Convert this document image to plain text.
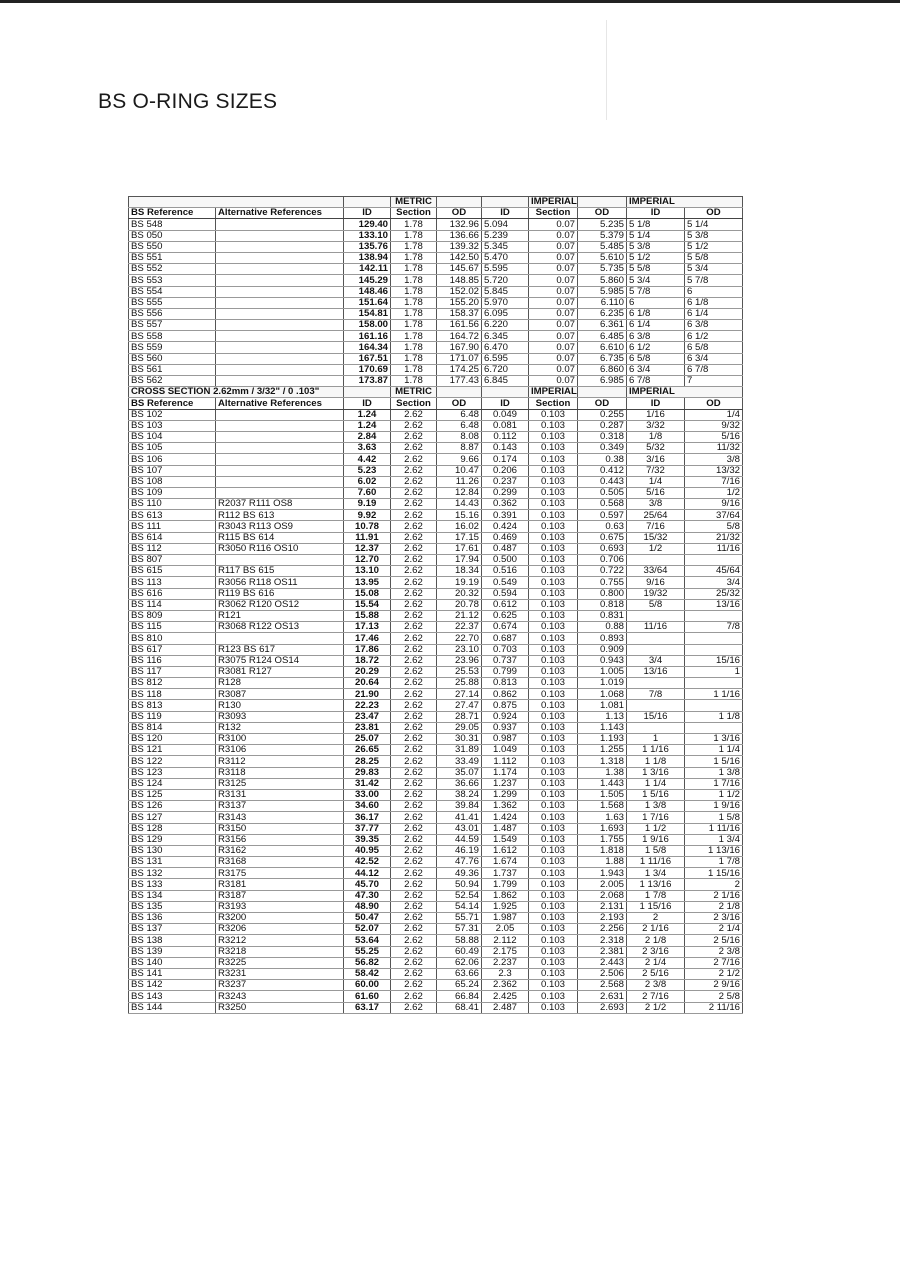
BS O-RING SIZES
			METRIC			IMPERIAL		IMPERIAL	
BS Reference	Alternative References	ID	Section	OD	ID	Section	OD	ID	OD
BS 548		129.40	1.78	132.96	5.094	0.07	5.235	5 1/8	5 1/4
BS 050		133.10	1.78	136.66	5.239	0.07	5.379	5 1/4	5 3/8
BS 550		135.76	1.78	139.32	5.345	0.07	5.485	5 3/8	5 1/2
BS 551		138.94	1.78	142.50	5.470	0.07	5.610	5 1/2	5 5/8
BS 552		142.11	1.78	145.67	5.595	0.07	5.735	5 5/8	5 3/4
BS 553		145.29	1.78	148.85	5.720	0.07	5.860	5 3/4	5 7/8
BS 554		148.46	1.78	152.02	5.845	0.07	5.985	5 7/8	6
BS 555		151.64	1.78	155.20	5.970	0.07	6.110	6	6 1/8
BS 556		154.81	1.78	158.37	6.095	0.07	6.235	6 1/8	6 1/4
BS 557		158.00	1.78	161.56	6.220	0.07	6.361	6 1/4	6 3/8
BS 558		161.16	1.78	164.72	6.345	0.07	6.485	6 3/8	6 1/2
BS 559		164.34	1.78	167.90	6.470	0.07	6.610	6 1/2	6 5/8
BS 560		167.51	1.78	171.07	6.595	0.07	6.735	6 5/8	6 3/4
BS 561		170.69	1.78	174.25	6.720	0.07	6.860	6 3/4	6 7/8
BS 562		173.87	1.78	177.43	6.845	0.07	6.985	6 7/8	7
CROSS SECTION 2.62mm / 3/32" / 0 .103"			METRIC			IMPERIAL		IMPERIAL	
BS Reference	Alternative References	ID	Section	OD	ID	Section	OD	ID	OD
BS 102		1.24	2.62	6.48	0.049	0.103	0.255	1/16	1/4
BS 103		1.24	2.62	6.48	0.081	0.103	0.287	3/32	9/32
BS 104		2.84	2.62	8.08	0.112	0.103	0.318	1/8	5/16
BS 105		3.63	2.62	8.87	0.143	0.103	0.349	5/32	11/32
BS 106		4.42	2.62	9.66	0.174	0.103	0.38	3/16	3/8
BS 107		5.23	2.62	10.47	0.206	0.103	0.412	7/32	13/32
BS 108		6.02	2.62	11.26	0.237	0.103	0.443	1/4	7/16
BS 109		7.60	2.62	12.84	0.299	0.103	0.505	5/16	1/2
BS 110	R2037 R111 OS8	9.19	2.62	14.43	0.362	0.103	0.568	3/8	9/16
BS 613	R112 BS 613	9.92	2.62	15.16	0.391	0.103	0.597	25/64	37/64
BS 111	R3043 R113 OS9	10.78	2.62	16.02	0.424	0.103	0.63	7/16	5/8
BS 614	R115 BS 614	11.91	2.62	17.15	0.469	0.103	0.675	15/32	21/32
BS 112	R3050 R116 OS10	12.37	2.62	17.61	0.487	0.103	0.693	1/2	11/16
BS 807		12.70	2.62	17.94	0.500	0.103	0.706		
BS 615	R117 BS 615	13.10	2.62	18.34	0.516	0.103	0.722	33/64	45/64
BS 113	R3056 R118 OS11	13.95	2.62	19.19	0.549	0.103	0.755	9/16	3/4
BS 616	R119 BS 616	15.08	2.62	20.32	0.594	0.103	0.800	19/32	25/32
BS 114	R3062 R120 OS12	15.54	2.62	20.78	0.612	0.103	0.818	5/8	13/16
BS 809	R121	15.88	2.62	21.12	0.625	0.103	0.831		
BS 115	R3068 R122 OS13	17.13	2.62	22.37	0.674	0.103	0.88	11/16	7/8
BS 810		17.46	2.62	22.70	0.687	0.103	0.893		
BS 617	R123 BS 617	17.86	2.62	23.10	0.703	0.103	0.909		
BS 116	R3075 R124 OS14	18.72	2.62	23.96	0.737	0.103	0.943	3/4	15/16
BS 117	R3081 R127	20.29	2.62	25.53	0.799	0.103	1.005	13/16	1
BS 812	R128	20.64	2.62	25.88	0.813	0.103	1.019		
BS 118	R3087	21.90	2.62	27.14	0.862	0.103	1.068	7/8	1 1/16
BS 813	R130	22.23	2.62	27.47	0.875	0.103	1.081		
BS 119	R3093	23.47	2.62	28.71	0.924	0.103	1.13	15/16	1 1/8
BS 814	R132	23.81	2.62	29.05	0.937	0.103	1.143		
BS 120	R3100	25.07	2.62	30.31	0.987	0.103	1.193	1	1 3/16
BS 121	R3106	26.65	2.62	31.89	1.049	0.103	1.255	1 1/16	1 1/4
BS 122	R3112	28.25	2.62	33.49	1.112	0.103	1.318	1 1/8	1 5/16
BS 123	R3118	29.83	2.62	35.07	1.174	0.103	1.38	1 3/16	1 3/8
BS 124	R3125	31.42	2.62	36.66	1.237	0.103	1.443	1 1/4	1 7/16
BS 125	R3131	33.00	2.62	38.24	1.299	0.103	1.505	1 5/16	1 1/2
BS 126	R3137	34.60	2.62	39.84	1.362	0.103	1.568	1 3/8	1 9/16
BS 127	R3143	36.17	2.62	41.41	1.424	0.103	1.63	1 7/16	1 5/8
BS 128	R3150	37.77	2.62	43.01	1.487	0.103	1.693	1 1/2	1 11/16
BS 129	R3156	39.35	2.62	44.59	1.549	0.103	1.755	1 9/16	1 3/4
BS 130	R3162	40.95	2.62	46.19	1.612	0.103	1.818	1 5/8	1 13/16
BS 131	R3168	42.52	2.62	47.76	1.674	0.103	1.88	1 11/16	1 7/8
BS 132	R3175	44.12	2.62	49.36	1.737	0.103	1.943	1 3/4	1 15/16
BS 133	R3181	45.70	2.62	50.94	1.799	0.103	2.005	1 13/16	2
BS 134	R3187	47.30	2.62	52.54	1.862	0.103	2.068	1 7/8	2 1/16
BS 135	R3193	48.90	2.62	54.14	1.925	0.103	2.131	1 15/16	2 1/8
BS 136	R3200	50.47	2.62	55.71	1.987	0.103	2.193	2	2 3/16
BS 137	R3206	52.07	2.62	57.31	2.05	0.103	2.256	2 1/16	2 1/4
BS 138	R3212	53.64	2.62	58.88	2.112	0.103	2.318	2 1/8	2 5/16
BS 139	R3218	55.25	2.62	60.49	2.175	0.103	2.381	2 3/16	2 3/8
BS 140	R3225	56.82	2.62	62.06	2.237	0.103	2.443	2 1/4	2 7/16
BS 141	R3231	58.42	2.62	63.66	2.3	0.103	2.506	2 5/16	2 1/2
BS 142	R3237	60.00	2.62	65.24	2.362	0.103	2.568	2 3/8	2 9/16
BS 143	R3243	61.60	2.62	66.84	2.425	0.103	2.631	2 7/16	2 5/8
BS 144	R3250	63.17	2.62	68.41	2.487	0.103	2.693	2 1/2	2 11/16
